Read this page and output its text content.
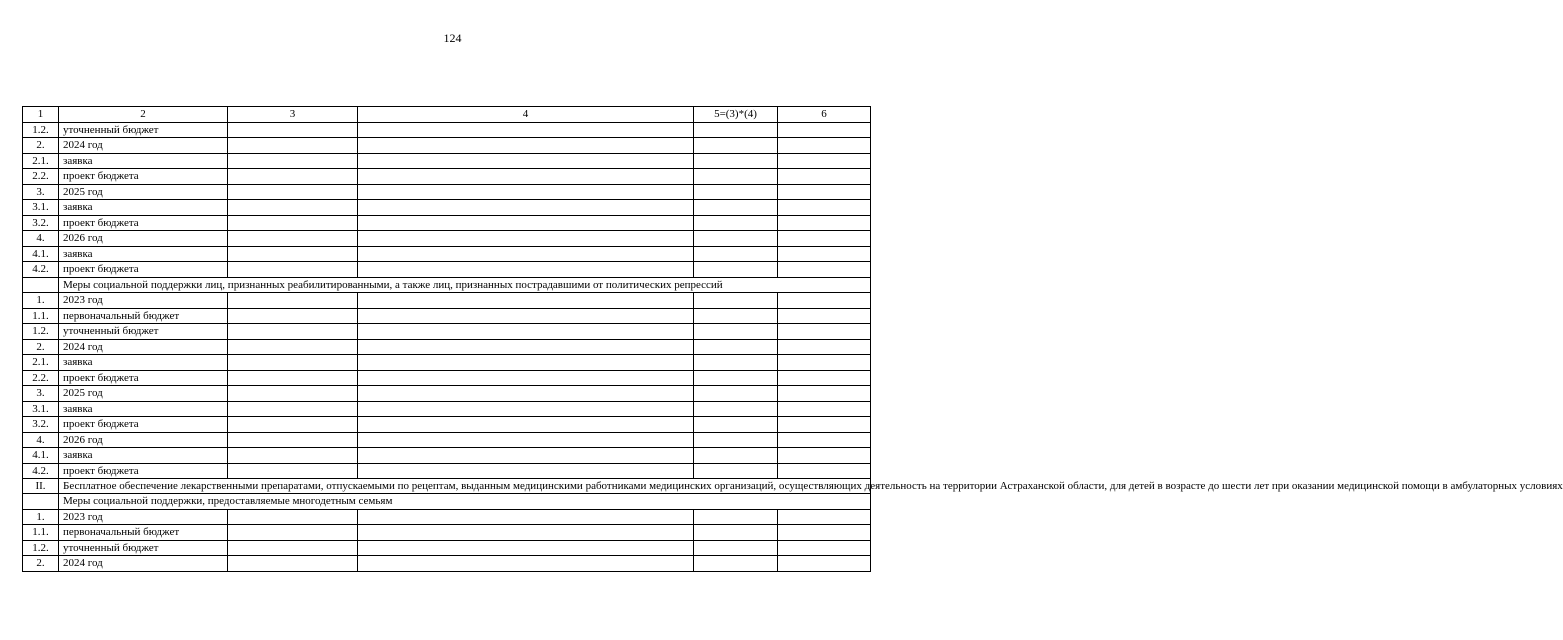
124
1	2	3	4	5=(3)*(4)	6
1.2.	уточненный бюджет				
2.	2024 год				
2.1.	заявка				
2.2.	проект бюджета				
3.	2025 год				
3.1.	заявка				
3.2.	проект бюджета				
4.	2026 год				
4.1.	заявка				
4.2.	проект бюджета				
	Меры социальной поддержки лиц, признанных реабилитированными, а также лиц, признанных пострадавшими от политических репрессий				
1.	2023 год				
1.1.	первоначальный бюджет				
1.2.	уточненный бюджет				
2.	2024 год				
2.1.	заявка				
2.2.	проект бюджета				
3.	2025 год				
3.1.	заявка				
3.2.	проект бюджета				
4.	2026 год				
4.1.	заявка				
4.2.	проект бюджета				
II.	Бесплатное обеспечение лекарственными препаратами, отпускаемыми по рецептам, выданным медицинскими работниками медицинских организаций, осуществляющих деятельность на территории Астраханской области, для детей в возрасте до шести лет при оказании медицинской помощи в амбулаторных условиях				
	Меры социальной поддержки, предоставляемые многодетным семьям				
1.	2023 год				
1.1.	первоначальный бюджет				
1.2.	уточненный бюджет				
2.	2024 год				
